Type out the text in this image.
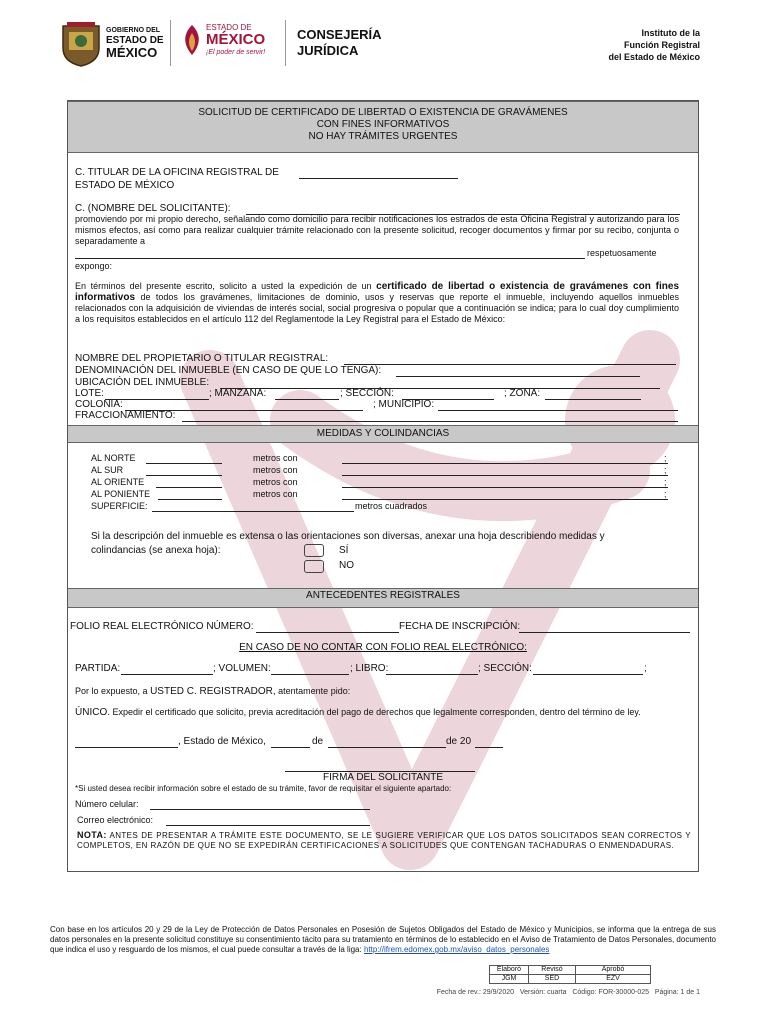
GOBIERNO DEL
ESTADO DE
MÉXICO
ESTADO DE
MÉXICO
¡El poder de servir!
CONSEJERÍA
JURÍDICA
Instituto de la
Función Registral
del Estado de México
SOLICITUD DE CERTIFICADO DE LIBERTAD O EXISTENCIA DE GRAVÁMENES
CON FINES INFORMATIVOS
NO HAY TRÁMITES URGENTES
C. TITULAR DE LA OFICINA REGISTRAL DE
ESTADO DE MÉXICO
C. (NOMBRE DEL SOLICITANTE):
promoviendo por mi propio derecho, señalando como domicilio para recibir notificaciones los estrados de esta Oficina Registral y autorizando para los mismos efectos, así como para realizar cualquier trámite relacionado con la presente solicitud, recoger documentos y firmar por su recibo, conjunta o separadamente a
respetuosamente
expongo:
En términos del presente escrito, solicito a usted la expedición de un certificado de libertad o existencia de gravámenes con fines informativos de todos los gravámenes, limitaciones de dominio, usos y reservas que reporte el inmueble, incluyendo aquellos inmuebles relacionados con la adquisición de viviendas de interés social, social progresiva o popular que a continuación se indica; para lo cual doy cumplimiento a los requisitos establecidos en el artículo 112 del Reglamentode la Ley Registral para el Estado de México:
NOMBRE DEL PROPIETARIO O TITULAR REGISTRAL:
DENOMINACIÓN DEL INMUEBLE (EN CASO DE QUE LO TENGA):
UBICACIÓN DEL INMUEBLE:
LOTE:	; MANZANA:	; SECCIÓN:	; ZONA:
COLONIA:	; MUNICIPIO:
FRACCIONAMIENTO:
MEDIDAS Y COLINDANCIAS
AL NORTE	metros con	;
AL SUR	metros con	;
AL ORIENTE	metros con	;
AL PONIENTE	metros con	;
SUPERFICIE:	metros cuadrados
Si la descripción del inmueble es extensa o las orientaciones son diversas, anexar una hoja describiendo medidas y
colindancias (se anexa hoja):	SÍ
NO
ANTECEDENTES REGISTRALES
FOLIO REAL ELECTRÓNICO NÚMERO:	FECHA DE INSCRIPCIÓN:
EN CASO DE NO CONTAR CON FOLIO REAL ELECTRÓNICO:
PARTIDA:	; VOLUMEN:	; LIBRO:	; SECCIÓN:	;
Por lo expuesto, a USTED C. REGISTRADOR, atentamente pido:
ÚNICO. Expedir el certificado que solicito, previa acreditación del pago de derechos que legalmente corresponden, dentro del término de ley.
, Estado de México,	de	de 20
FIRMA DEL SOLICITANTE
*Si usted desea recibir información sobre el estado de su trámite, favor de requisitar el siguiente apartado:
Número celular:
Correo electrónico:
NOTA: ANTES DE PRESENTAR A TRÁMITE ESTE DOCUMENTO, SE LE SUGIERE VERIFICAR QUE LOS DATOS SOLICITADOS SEAN CORRECTOS Y COMPLETOS, EN RAZÓN DE QUE NO SE EXPEDIRÁN CERTIFICACIONES A SOLICITUDES QUE CONTENGAN TACHADURAS O ENMENDADURAS.
Con base en los artículos 20 y 29 de la Ley de Protección de Datos Personales en Posesión de Sujetos Obligados del Estado de México y Municipios, se informa que la entrega de sus datos personales en la presente solicitud constituye su consentimiento tácito para su tratamiento en términos de lo establecido en el Aviso de Tratamiento de Datos Personales, documento que indica el uso y resguardo de los mismos, el cual puede consultar a través de la liga: http://ifrem.edomex.gob.mx/aviso_datos_personales
Elaboró	Revisó	Aprobó
JGM	SED	EZV
Fecha de rev.: 29/9/2020   Versión: cuarta   Código: FOR-30000-025   Página: 1 de 1
